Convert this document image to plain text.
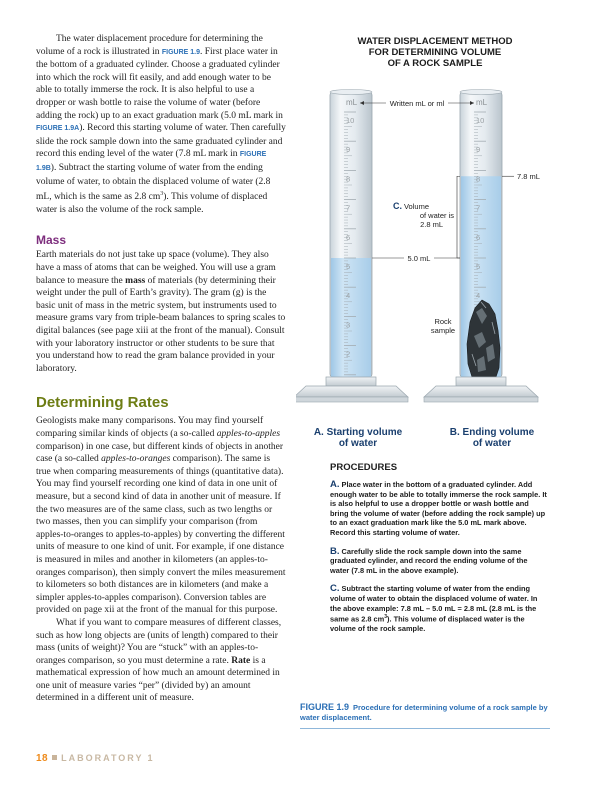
The water displacement procedure for determining the volume of a rock is illustrated in FIGURE 1.9. First place water in the bottom of a graduated cylinder. Choose a graduated cylinder into which the rock will fit easily, and add enough water to be able to totally immerse the rock. It is also helpful to use a dropper or wash bottle to raise the volume of water (before adding the rock) up to an exact graduation mark (5.0 mL mark in FIGURE 1.9A). Record this starting volume of water. Then carefully slide the rock sample down into the same graduated cylinder and record this ending level of the water (7.8 mL mark in FIGURE 1.9B). Subtract the starting volume of water from the ending volume of water, to obtain the displaced volume of water (2.8 mL, which is the same as 2.8 $cm^3$). This volume of displaced water is also the volume of the rock sample.

Mass

Earth materials do not just take up space (volume). They also have a mass of atoms that can be weighed. You will use a gram balance to measure the mass of materials (by determining their weight under the pull of Earth’s gravity). The gram (g) is the basic unit of mass in the metric system, but instruments used to measure grams vary from triple-beam balances to spring scales to digital balances (see page xiii at the front of the manual). Consult with your laboratory instructor or other students to be sure that you understand how to read the gram balance provided in your laboratory.

Determining Rates

Geologists make many comparisons. You may find yourself comparing similar kinds of objects (a so-called apples-to-apples comparison) in one case, but different kinds of objects in another case (a so-called apples-to-oranges comparison). The same is true when comparing measurements of things (quantitative data). You may find yourself recording one kind of data in one unit of measure, but a second kind of data in another unit of measure. If the two measures are of the same class, such as two lengths or two masses, then you can simplify your comparison (from apples-to-oranges to apples-to-apples) by converting the different units of measure to one kind of unit. For example, if one distance is measured in miles and another in kilometers (an apples-to-oranges comparison), then simply convert the miles measurement to kilometers so both distances are in kilometers (and make a simpler apples-to-apples comparison). Conversion tables are provided on page xii at the front of the manual for this purpose.

What if you want to compare measures of different classes, such as how long objects are (units of length) compared to their mass (units of weight)? You are “stuck” with an apples-to-oranges comparison, so you must determine a rate. Rate is a mathematical expression of how much an amount determined in one unit of measure varies “per” (divided by) an amount determined in a different unit of measure.

WATER DISPLACEMENT METHOD
FOR DETERMINING VOLUME
OF A ROCK SAMPLE
mL
10
9
8
7
6
5
4
3
2
mL
10
9
8
7
6
5
4
Written mL or ml
7.8 mL
5.0 mL
C. Volume
of water is
2.8 mL
Rock
sample
A. Starting volume
of water
B. Ending volume
of water
PROCEDURES

A. Place water in the bottom of a graduated cylinder. Add enough water to be able to totally immerse the rock sample. It is also helpful to use a dropper bottle or wash bottle and bring the volume of water (before adding the rock sample) up to an exact graduation mark like the 5.0 mL mark above. Record this starting volume of water.

B. Carefully slide the rock sample down into the same graduated cylinder, and record the ending volume of the water (7.8 mL in the above example).

C. Subtract the starting volume of water from the ending volume of water to obtain the displaced volume of water. In the above example: 7.8 mL – 5.0 mL = 2.8 mL (2.8 mL is the same as 2.8 $cm^3$). This volume of displaced water is the volume of the rock sample.

FIGURE 1.9 Procedure for determining volume of a rock sample by water displacement.
18 LABORATORY 1
